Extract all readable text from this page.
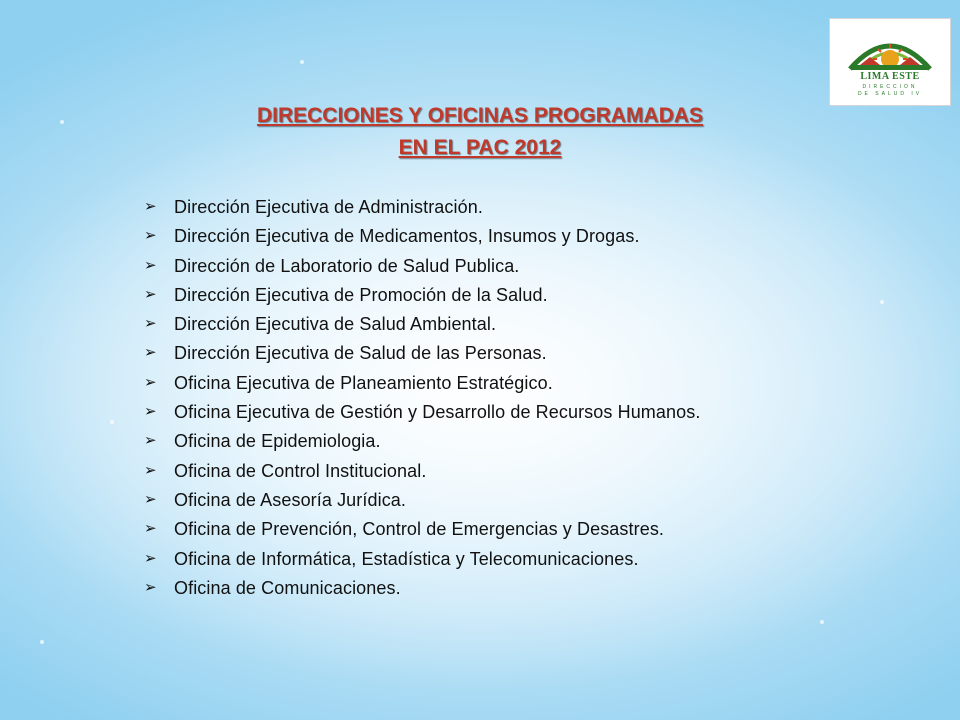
LIMA ESTE
DIRECCION
DE SALUD IV
DIRECCIONES Y OFICINAS PROGRAMADAS
EN EL PAC 2012
➢ Dirección Ejecutiva de Administración.
➢ Dirección Ejecutiva de Medicamentos, Insumos y Drogas.
➢ Dirección de Laboratorio de Salud Publica.
➢ Dirección Ejecutiva de Promoción de la Salud.
➢ Dirección Ejecutiva de Salud Ambiental.
➢ Dirección Ejecutiva de Salud de las Personas.
➢ Oficina Ejecutiva de Planeamiento Estratégico.
➢ Oficina Ejecutiva de Gestión y Desarrollo de Recursos Humanos.
➢ Oficina de Epidemiologia.
➢ Oficina de Control Institucional.
➢ Oficina de Asesoría Jurídica.
➢ Oficina de Prevención, Control de Emergencias y Desastres.
➢ Oficina de Informática, Estadística y Telecomunicaciones.
➢ Oficina de Comunicaciones.
